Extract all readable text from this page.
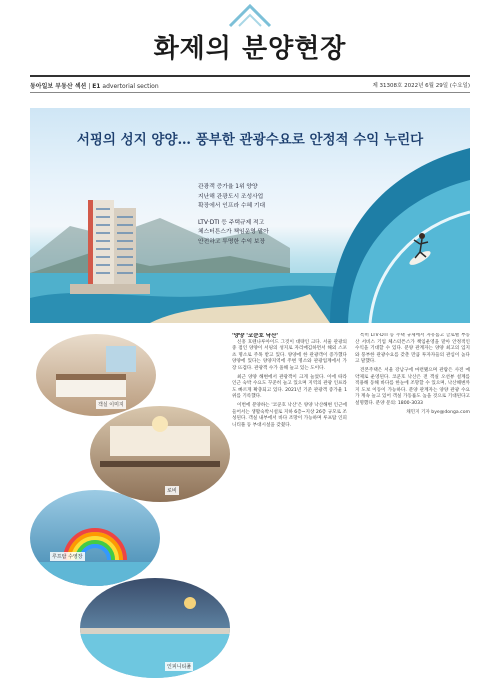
화제의 분양현장
동아일보 부동산 섹션 | E1 advertorial section	제 31308호 2022년 6월 29일 (수요일)
서핑의 성지 양양… 풍부한 관광수요로 안정적 수익 누린다
관광객 증가율 1위 양양
지난해 관광도시 조성사업
확장에서 인프라 수혜 기대
LTV·DTI 등 주택규제 적고
체스터튼스가 책임운영 맡아
안전하고 투명한 수익 보장
객실 이미지
로비
루프탑 수영장
인피니티풀
'양양 '코쿤호 낙산'

신흥 호텐나루아이드 그것이 대략인 크다. 서울 관광의 중 점인 양양이 서핑의 성지로 자리매김하면서 해외 스포츠 명소로 주목 받고 있다. 양양에 한 관광객이 증가했다 양양에 있다는 양양지역에 주변 명소와 관광업계에서 가장 뜨겁다. 관광객 수가 올해 늘고 있는 도이다.

최근 양양 해변에서 관광객이 크게 늘었다. 이에 따라 인근 숙박 수요도 꾸준히 늘고 있으며 지역의 관광 인프라도 빠르게 확충되고 있다. 2021년 기준 관광객 증가율 1위를 기록했다.

이번에 분양하는 '코쿤호 낙산'은 양양 낙산해변 인근에 들어서는 생활숙박시설로 지하 6층~지상 26층 규모로 조성된다. 객실 내부에서 바다 조망이 가능하며 루프탑 인피니티풀 등 부대시설을 갖췄다.

특히 LTV·DTI 등 주택 규제에서 자유롭고 글로벌 부동산 서비스 기업 체스터튼스가 책임운영을 맡아 안정적인 수익을 기대할 수 있다. 분양 관계자는 양양 최고의 입지와 풍부한 관광수요를 갖춘 만큼 투자자들의 관심이 높다고 말했다.

견본주택은 서울 강남구에 마련됐으며 관람은 사전 예약제로 운영된다. 코쿤호 낙산은 전 객실 오션뷰 설계를 적용해 동해 바다를 한눈에 조망할 수 있으며, 낙산해변까지 도보 이동이 가능하다. 분양 관계자는 양양 관광 수요가 계속 늘고 있어 객실 가동률도 높을 것으로 기대된다고 설명했다. 분양 문의: 1800-3033

채민지 기자 bye@donga.com
